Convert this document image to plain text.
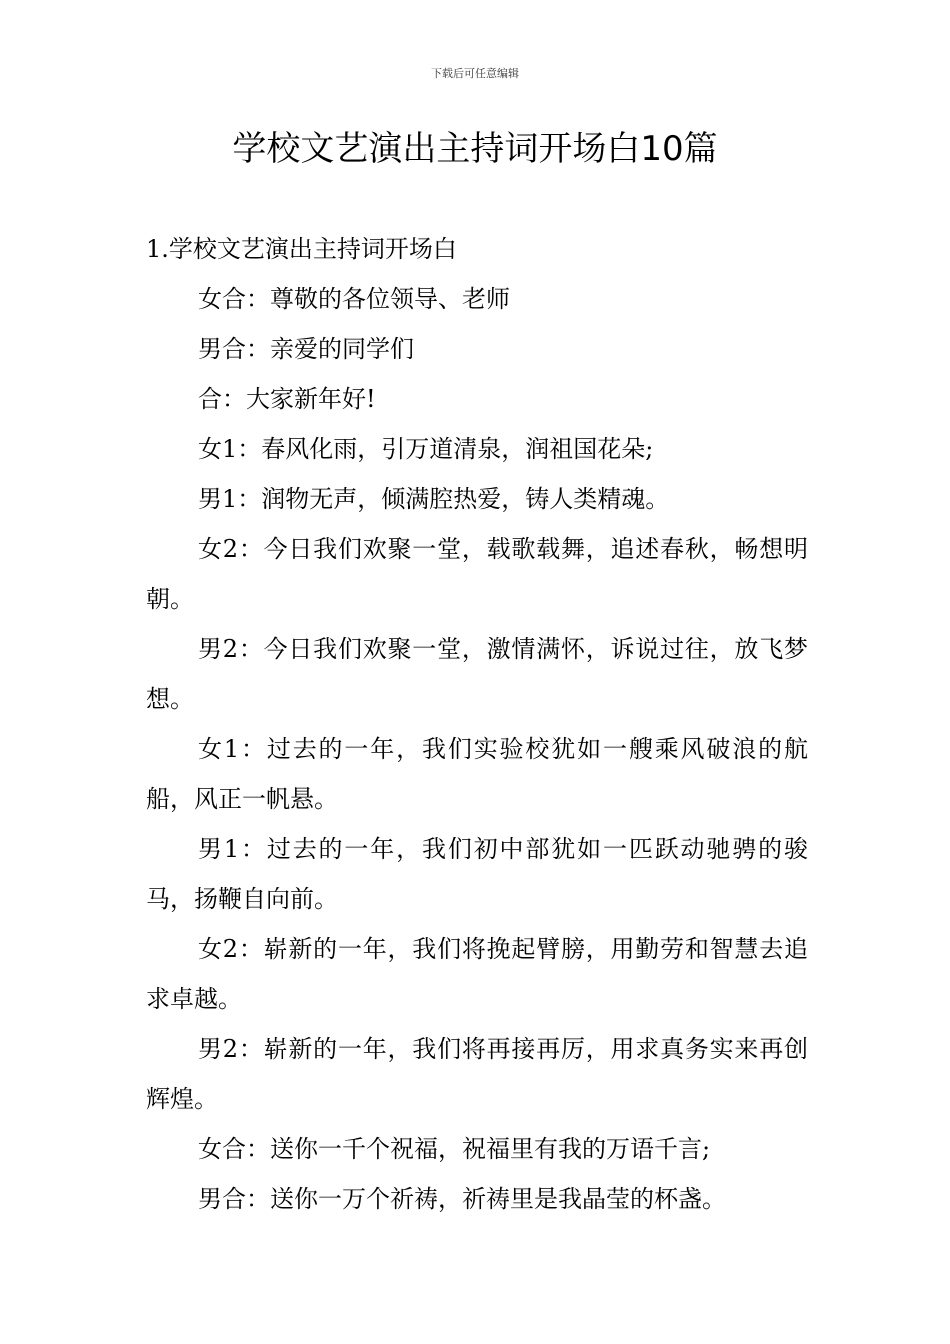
下载后可任意编辑
学校文艺演出主持词开场白10篇

1.学校文艺演出主持词开场白

女合：尊敬的各位领导、老师

男合：亲爱的同学们

合：大家新年好!

女1：春风化雨，引万道清泉，润祖国花朵;

男1：润物无声，倾满腔热爱，铸人类精魂。

女2：今日我们欢聚一堂，载歌载舞，追述春秋，畅想明朝。

男2：今日我们欢聚一堂，激情满怀，诉说过往，放飞梦想。

女1：过去的一年，我们实验校犹如一艘乘风破浪的航船，风正一帆悬。

男1：过去的一年，我们初中部犹如一匹跃动驰骋的骏马，扬鞭自向前。

女2：崭新的一年，我们将挽起臂膀，用勤劳和智慧去追求卓越。

男2：崭新的一年，我们将再接再厉，用求真务实来再创辉煌。

女合：送你一千个祝福，祝福里有我的万语千言;

男合：送你一万个祈祷，祈祷里是我晶莹的杯盏。
